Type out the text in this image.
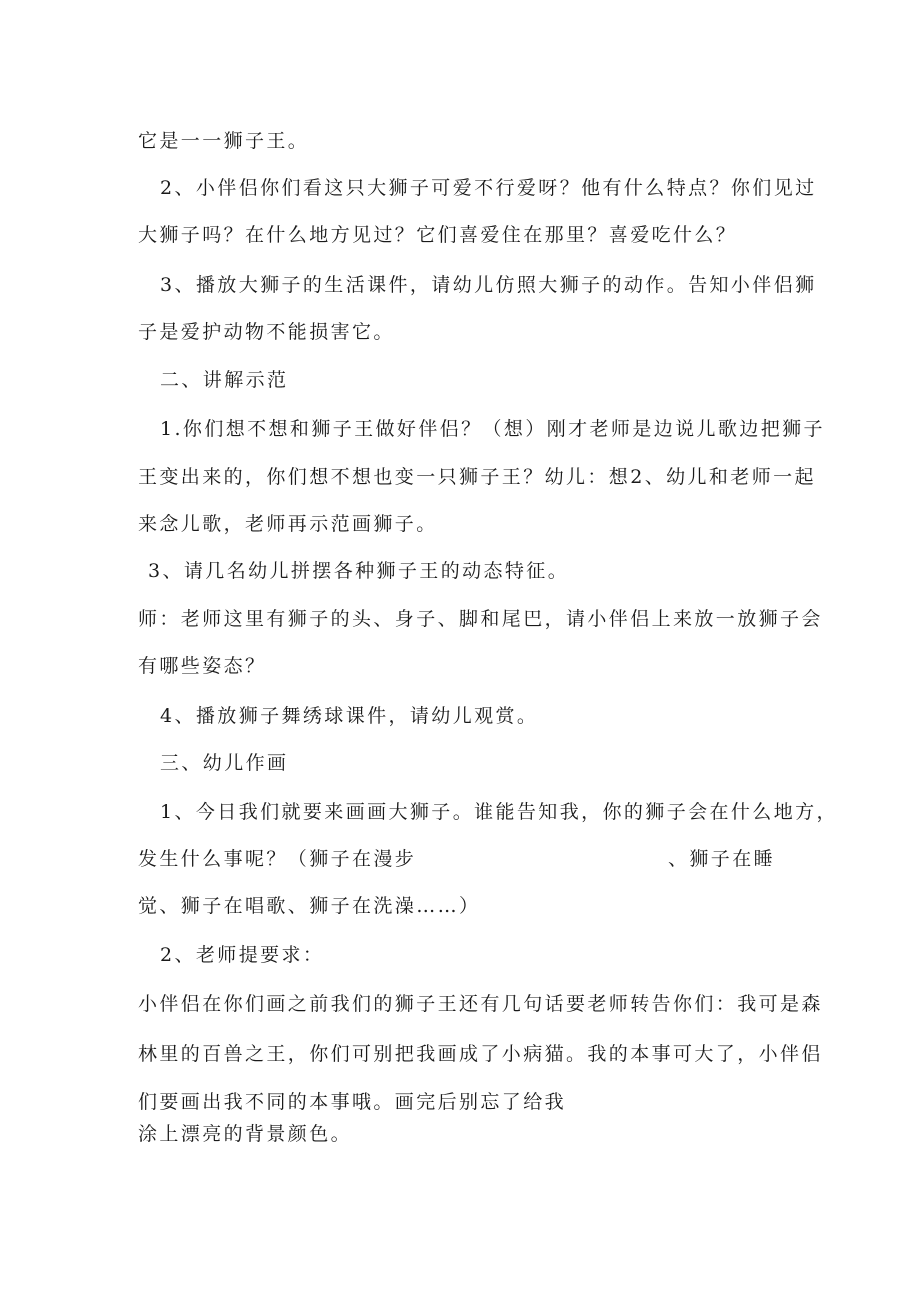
它是一一狮子王。
2、小伴侣你们看这只大狮子可爱不行爱呀？他有什么特点？你们见过
大狮子吗？在什么地方见过？它们喜爱住在那里？喜爱吃什么？
3、播放大狮子的生活课件，请幼儿仿照大狮子的动作。告知小伴侣狮
子是爱护动物不能损害它。
二、讲解示范
1.你们想不想和狮子王做好伴侣？（想）刚才老师是边说儿歌边把狮子
王变出来的，你们想不想也变一只狮子王？幼儿：想2、幼儿和老师一起
来念儿歌，老师再示范画狮子。
3、请几名幼儿拼摆各种狮子王的动态特征。
师：老师这里有狮子的头、身子、脚和尾巴，请小伴侣上来放一放狮子会
有哪些姿态？
4、播放狮子舞绣球课件，请幼儿观赏。
三、幼儿作画
1、今日我们就要来画画大狮子。谁能告知我，你的狮子会在什么地方，
发生什么事呢？（狮子在漫步	、狮子在睡
觉、狮子在唱歌、狮子在洗澡……）
2、老师提要求：
小伴侣在你们画之前我们的狮子王还有几句话要老师转告你们：我可是森
林里的百兽之王，你们可别把我画成了小病猫。我的本事可大了，小伴侣
们要画出我不同的本事哦。画完后别忘了给我
涂上漂亮的背景颜色。
